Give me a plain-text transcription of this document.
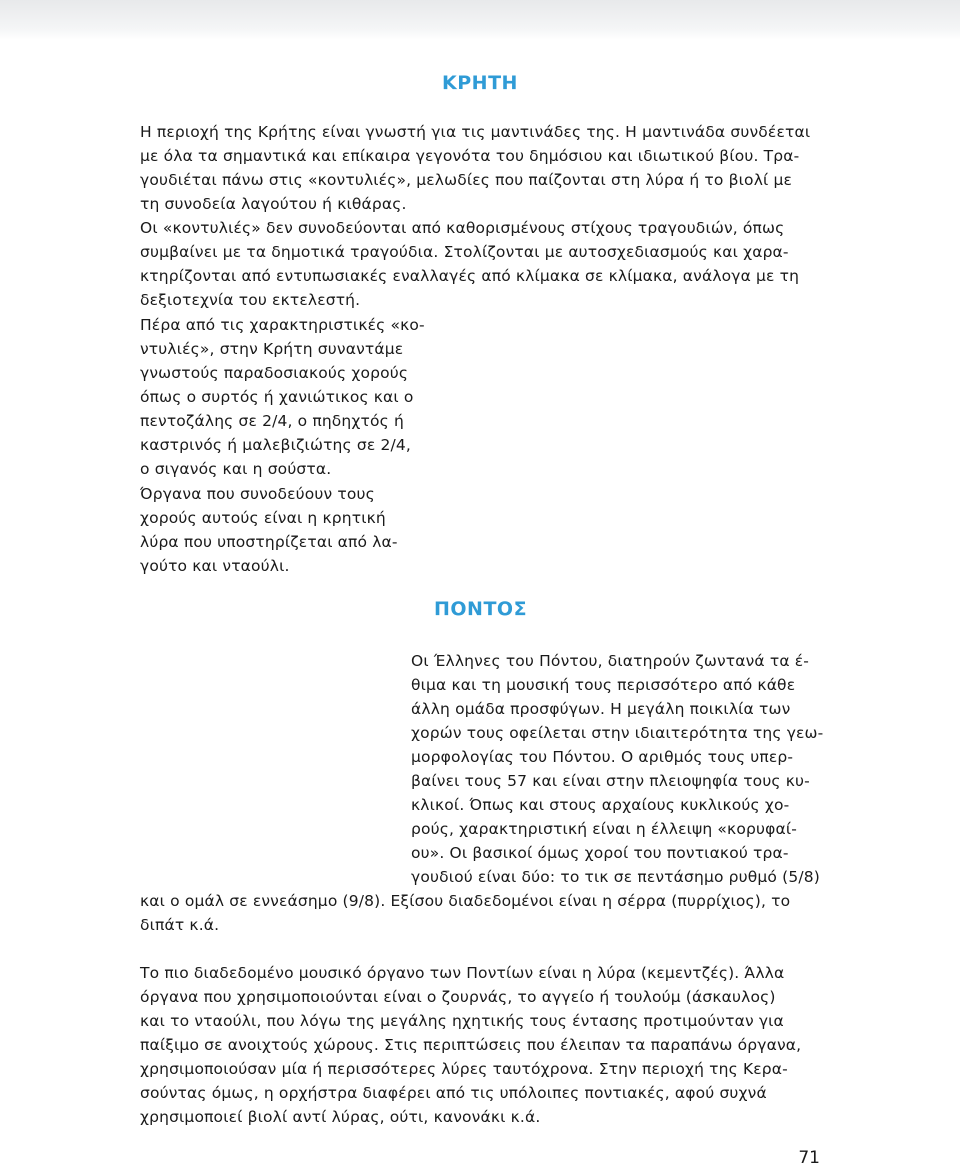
ΚΡΗΤΗ

Η περιοχή της Κρήτης είναι γνωστή για τις μαντινάδες της. Η μαντινάδα συνδέεται
με όλα τα σημαντικά και επίκαιρα γεγονότα του δημόσιου και ιδιωτικού βίου. Τρα-
γουδιέται πάνω στις «κοντυλιές», μελωδίες που παίζονται στη λύρα ή το βιολί με
τη συνοδεία λαγούτου ή κιθάρας.
Οι «κοντυλιές» δεν συνοδεύονται από καθορισμένους στίχους τραγουδιών, όπως
συμβαίνει με τα δημοτικά τραγούδια. Στολίζονται με αυτοσχεδιασμούς και χαρα-
κτηρίζονται από εντυπωσιακές εναλλαγές από κλίμακα σε κλίμακα, ανάλογα με τη
δεξιοτεχνία του εκτελεστή.

Πέρα από τις χαρακτηριστικές «κο-
ντυλιές», στην Κρήτη συναντάμε
γνωστούς παραδοσιακούς χορούς
όπως ο συρτός ή χανιώτικος και ο
πεντοζάλης σε 2/4, ο πηδηχτός ή
καστρινός ή μαλεβιζιώτης σε 2/4,
ο σιγανός και η σούστα.

Όργανα που συνοδεύουν τους
χορούς αυτούς είναι η κρητική
λύρα που υποστηρίζεται από λα-
γούτο και νταούλι.

ΠΟΝΤΟΣ

Οι Έλληνες του Πόντου, διατηρούν ζωντανά τα έ-
θιμα και τη μουσική τους περισσότερο από κάθε
άλλη ομάδα προσφύγων. Η μεγάλη ποικιλία των
χορών τους οφείλεται στην ιδιαιτερότητα της γεω-
μορφολογίας του Πόντου. Ο αριθμός τους υπερ-
βαίνει τους 57 και είναι στην πλειοψηφία τους κυ-
κλικοί. Όπως και στους αρχαίους κυκλικούς χο-
ρούς, χαρακτηριστική είναι η έλλειψη «κορυφαί-
ου». Οι βασικοί όμως χοροί του ποντιακού τρα-
γουδιού είναι δύο: το τικ σε πεντάσημο ρυθμό (5/8)

και ο ομάλ σε εννεάσημο (9/8). Εξίσου διαδεδομένοι είναι η σέρρα (πυρρίχιος), το
διπάτ κ.ά.

Το πιο διαδεδομένο μουσικό όργανο των Ποντίων είναι η λύρα (κεμεντζές). Άλλα
όργανα που χρησιμοποιούνται είναι ο ζουρνάς, το αγγείο ή τουλούμ (άσκαυλος)
και το νταούλι, που λόγω της μεγάλης ηχητικής τους έντασης προτιμούνταν για
παίξιμο σε ανοιχτούς χώρους. Στις περιπτώσεις που έλειπαν τα παραπάνω όργανα,
χρησιμοποιούσαν μία ή περισσότερες λύρες ταυτόχρονα. Στην περιοχή της Κερα-
σούντας όμως, η ορχήστρα διαφέρει από τις υπόλοιπες ποντιακές, αφού συχνά
χρησιμοποιεί βιολί αντί λύρας, ούτι, κανονάκι κ.ά.

71
